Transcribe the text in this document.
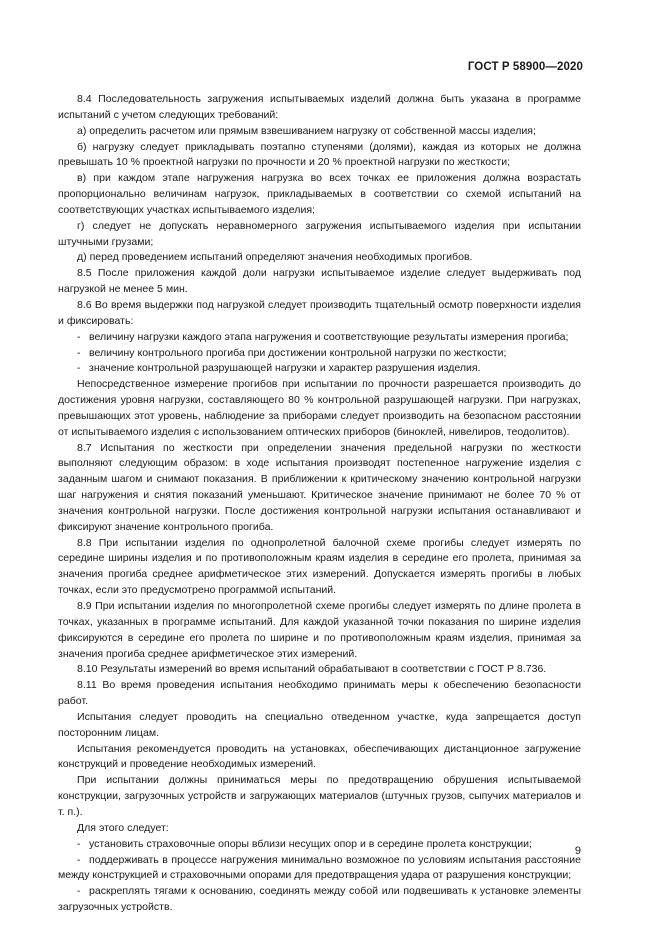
ГОСТ Р 58900—2020

8.4 Последовательность загружения испытываемых изделий должна быть указана в программе испытаний с учетом следующих требований:

а) определить расчетом или прямым взвешиванием нагрузку от собственной массы изделия;

б) нагрузку следует прикладывать поэтапно ступенями (долями), каждая из которых не должна превышать 10 % проектной нагрузки по прочности и 20 % проектной нагрузки по жесткости;

в) при каждом этапе нагружения нагрузка во всех точках ее приложения должна возрастать пропорционально величинам нагрузок, прикладываемых в соответствии со схемой испытаний на соответствующих участках испытываемого изделия;

г) следует не допускать неравномерного загружения испытываемого изделия при испытании штучными грузами;

д) перед проведением испытаний определяют значения необходимых прогибов.

8.5 После приложения каждой доли нагрузки испытываемое изделие следует выдерживать под нагрузкой не менее 5 мин.

8.6 Во время выдержки под нагрузкой следует производить тщательный осмотр поверхности изделия и фиксировать:

- величину нагрузки каждого этапа нагружения и соответствующие результаты измерения прогиба;

- величину контрольного прогиба при достижении контрольной нагрузки по жесткости;

- значение контрольной разрушающей нагрузки и характер разрушения изделия.

Непосредственное измерение прогибов при испытании по прочности разрешается производить до достижения уровня нагрузки, составляющего 80 % контрольной разрушающей нагрузки. При нагрузках, превышающих этот уровень, наблюдение за приборами следует производить на безопасном расстоянии от испытываемого изделия с использованием оптических приборов (биноклей, нивелиров, теодолитов).

8.7 Испытания по жесткости при определении значения предельной нагрузки по жесткости выполняют следующим образом: в ходе испытания производят постепенное нагружение изделия с заданным шагом и снимают показания. В приближении к критическому значению контрольной нагрузки шаг нагружения и снятия показаний уменьшают. Критическое значение принимают не более 70 % от значения контрольной нагрузки. После достижения контрольной нагрузки испытания останавливают и фиксируют значение контрольного прогиба.

8.8 При испытании изделия по однопролетной балочной схеме прогибы следует измерять по середине ширины изделия и по противоположным краям изделия в середине его пролета, принимая за значения прогиба среднее арифметическое этих измерений. Допускается измерять прогибы в любых точках, если это предусмотрено программой испытаний.

8.9 При испытании изделия по многопролетной схеме прогибы следует измерять по длине пролета в точках, указанных в программе испытаний. Для каждой указанной точки показания по ширине изделия фиксируются в середине его пролета по ширине и по противоположным краям изделия, принимая за значения прогиба среднее арифметическое этих измерений.

8.10 Результаты измерений во время испытаний обрабатывают в соответствии с ГОСТ Р 8.736.

8.11 Во время проведения испытания необходимо принимать меры к обеспечению безопасности работ.

Испытания следует проводить на специально отведенном участке, куда запрещается доступ посторонним лицам.

Испытания рекомендуется проводить на установках, обеспечивающих дистанционное загружение конструкций и проведение необходимых измерений.

При испытании должны приниматься меры по предотвращению обрушения испытываемой конструкции, загрузочных устройств и загружающих материалов (штучных грузов, сыпучих материалов и т. п.).

Для этого следует:

- установить страховочные опоры вблизи несущих опор и в середине пролета конструкции;

- поддерживать в процессе нагружения минимально возможное по условиям испытания расстояние между конструкцией и страховочными опорами для предотвращения удара от разрушения конструкции;

- раскреплять тягами к основанию, соединять между собой или подвешивать к установке элементы загрузочных устройств.

9
